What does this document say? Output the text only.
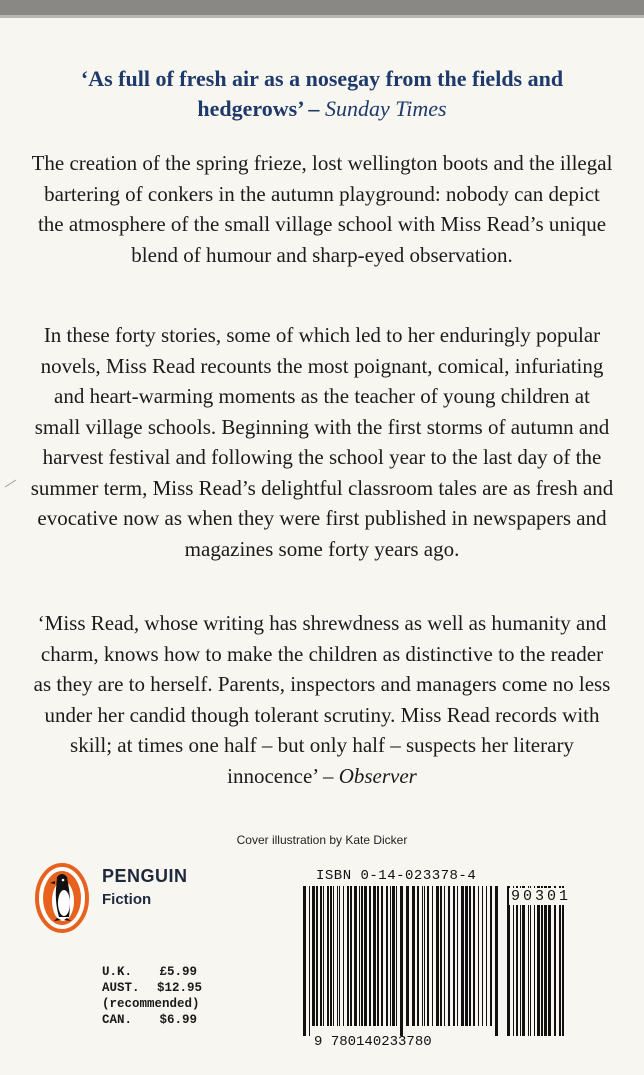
‘As full of fresh air as a nosegay from the fields and hedgerows’ – Sunday Times
The creation of the spring frieze, lost wellington boots and the illegal bartering of conkers in the autumn playground: nobody can depict the atmosphere of the small village school with Miss Read’s unique blend of humour and sharp-eyed observation.
In these forty stories, some of which led to her enduringly popular novels, Miss Read recounts the most poignant, comical, infuriating and heart-warming moments as the teacher of young children at small village schools. Beginning with the first storms of autumn and harvest festival and following the school year to the last day of the summer term, Miss Read’s delightful classroom tales are as fresh and evocative now as when they were first published in newspapers and magazines some forty years ago.
‘Miss Read, whose writing has shrewdness as well as humanity and charm, knows how to make the children as distinctive to the reader as they are to herself. Parents, inspectors and managers come no less under her candid though tolerant scrutiny. Miss Read records with skill; at times one half – but only half – suspects her literary innocence’ – Observer
Cover illustration by Kate Dicker
PENGUIN
Fiction
U.K. £5.99
AUST. $12.95
(recommended)
CAN. $6.99
ISBN 0-14-023378-4
9 780140233780
90301
